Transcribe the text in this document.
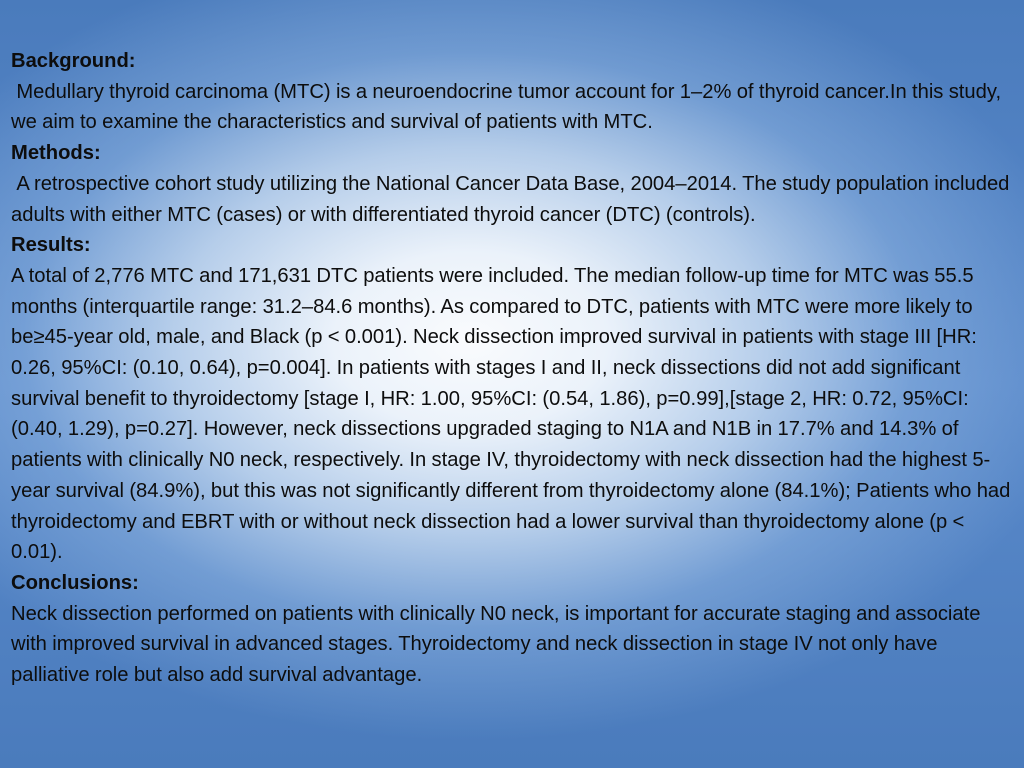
Background:
Medullary thyroid carcinoma (MTC) is a neuroendocrine tumor account for 1–2% of thyroid cancer.In this study, we aim to examine the characteristics and survival of patients with MTC.
Methods:
A retrospective cohort study utilizing the National Cancer Data Base, 2004–2014. The study population included adults with either MTC (cases) or with differentiated thyroid cancer (DTC) (controls).
Results:
A total of 2,776 MTC and 171,631 DTC patients were included. The median follow-up time for MTC was 55.5 months (interquartile range: 31.2–84.6 months). As compared to DTC, patients with MTC were more likely to be≥45-year old, male, and Black (p < 0.001). Neck dissection improved survival in patients with stage III [HR: 0.26, 95%CI: (0.10, 0.64), p=0.004]. In patients with stages I and II, neck dissections did not add significant survival benefit to thyroidectomy [stage I, HR: 1.00, 95%CI: (0.54, 1.86), p=0.99],[stage 2, HR: 0.72, 95%CI: (0.40, 1.29), p=0.27]. However, neck dissections upgraded staging to N1A and N1B in 17.7% and 14.3% of patients with clinically N0 neck, respectively. In stage IV, thyroidectomy with neck dissection had the highest 5-year survival (84.9%), but this was not significantly different from thyroidectomy alone (84.1%); Patients who had thyroidectomy and EBRT with or without neck dissection had a lower survival than thyroidectomy alone (p < 0.01).
Conclusions:
Neck dissection performed on patients with clinically N0 neck, is important for accurate staging and associate with improved survival in advanced stages. Thyroidectomy and neck dissection in stage IV not only have palliative role but also add survival advantage.
